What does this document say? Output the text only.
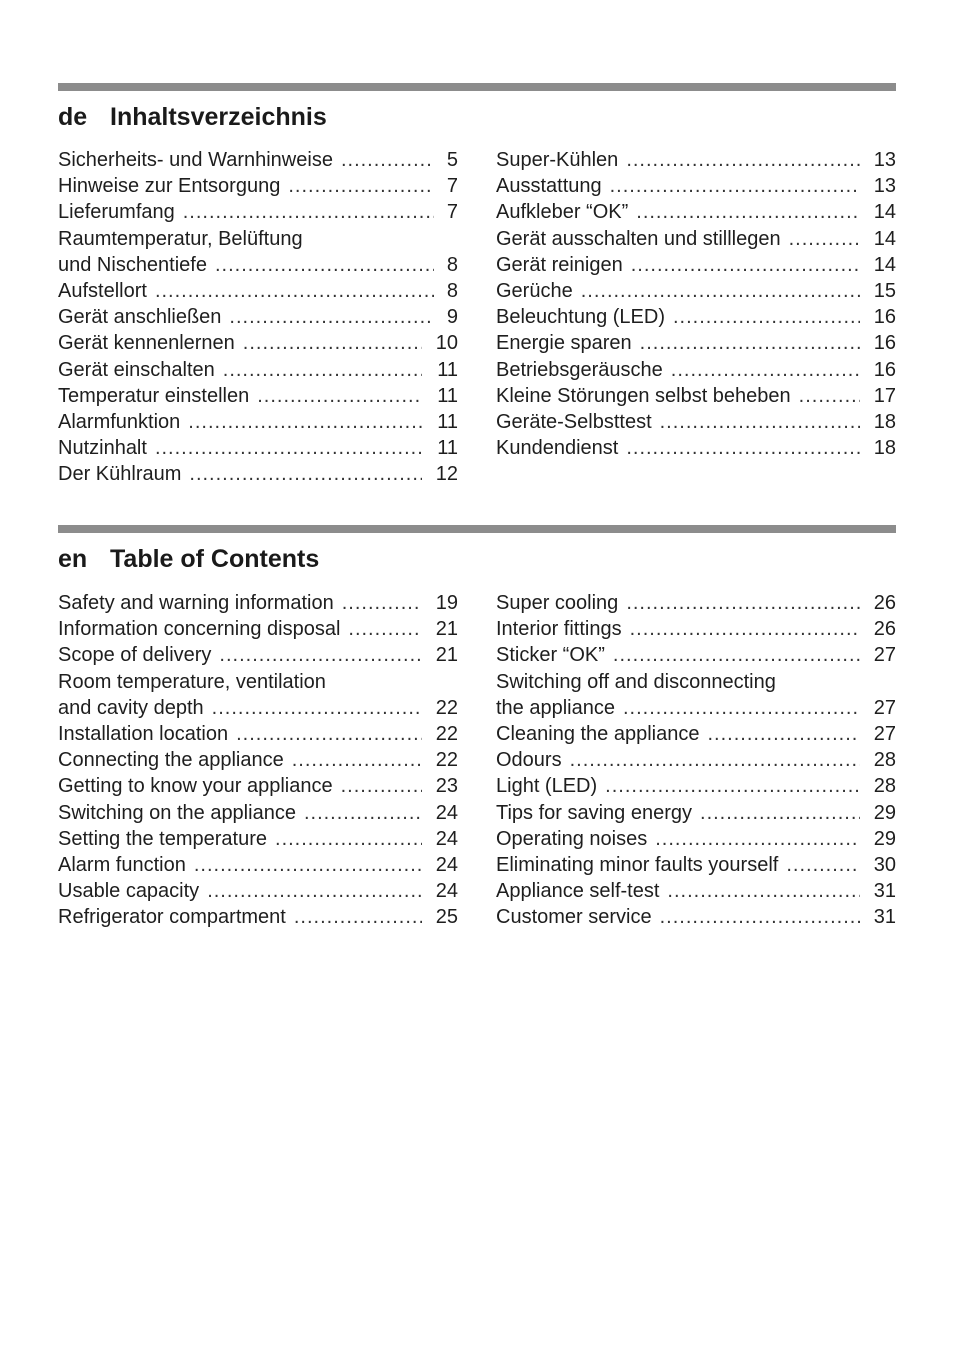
de Inhaltsverzeichnis
Sicherheits- und Warnhinweise .....	5
Hinweise zur Entsorgung .....	7
Lieferumfang .....	7
Raumtemperatur, Belüftung
und Nischentiefe .....	8
Aufstellort .....	8
Gerät anschließen .....	9
Gerät kennenlernen .....	10
Gerät einschalten .....	11
Temperatur einstellen .....	11
Alarmfunktion .....	11
Nutzinhalt .....	11
Der Kühlraum .....	12
Super-Kühlen .....	13
Ausstattung .....	13
Aufkleber “OK” .....	14
Gerät ausschalten und stilllegen .....	14
Gerät reinigen .....	14
Gerüche .....	15
Beleuchtung (LED) .....	16
Energie sparen .....	16
Betriebsgeräusche .....	16
Kleine Störungen selbst beheben .....	17
Geräte-Selbsttest .....	18
Kundendienst .....	18
en Table of Contents
Safety and warning information .....	19
Information concerning disposal .....	21
Scope of delivery .....	21
Room temperature, ventilation
and cavity depth .....	22
Installation location .....	22
Connecting the appliance .....	22
Getting to know your appliance .....	23
Switching on the appliance .....	24
Setting the temperature .....	24
Alarm function .....	24
Usable capacity .....	24
Refrigerator compartment .....	25
Super cooling .....	26
Interior fittings .....	26
Sticker “OK” .....	27
Switching off and disconnecting
the appliance .....	27
Cleaning the appliance .....	27
Odours .....	28
Light (LED) .....	28
Tips for saving energy .....	29
Operating noises .....	29
Eliminating minor faults yourself .....	30
Appliance self-test .....	31
Customer service .....	31
